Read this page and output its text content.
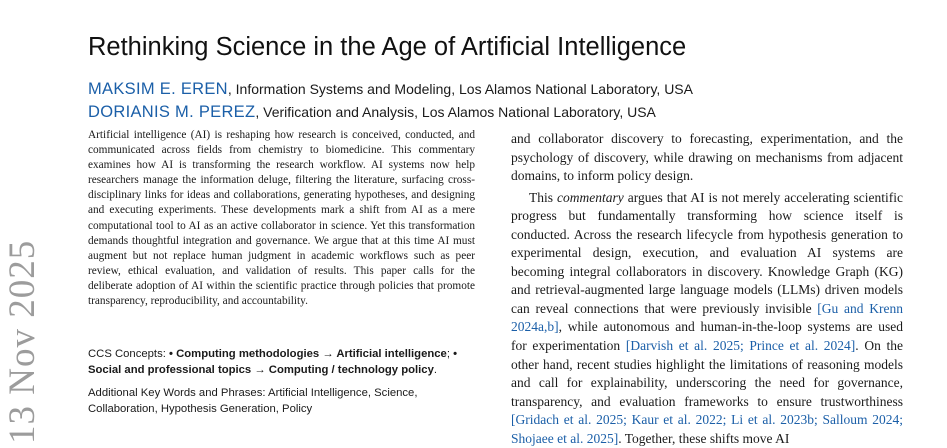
13 Nov 2025
Rethinking Science in the Age of Artificial Intelligence
MAKSIM E. EREN, Information Systems and Modeling, Los Alamos National Laboratory, USA
DORIANIS M. PEREZ, Verification and Analysis, Los Alamos National Laboratory, USA

Artificial intelligence (AI) is reshaping how research is conceived, conducted, and communicated across fields from chemistry to biomedicine. This commentary examines how AI is transforming the research workflow. AI systems now help researchers manage the information deluge, filtering the literature, surfacing cross-disciplinary links for ideas and collaborations, generating hypotheses, and designing and executing experiments. These developments mark a shift from AI as a mere computational tool to AI as an active collaborator in science. Yet this transformation demands thoughtful integration and governance. We argue that at this time AI must augment but not replace human judgment in academic workflows such as peer review, ethical evaluation, and validation of results. This paper calls for the deliberate adoption of AI within the scientific practice through policies that promote transparency, reproducibility, and accountability.

CCS Concepts: • Computing methodologies → Artificial intelligence; • Social and professional topics → Computing / technology policy.

Additional Key Words and Phrases: Artificial Intelligence, Science, Collaboration, Hypothesis Generation, Policy

and collaborator discovery to forecasting, experimentation, and the psychology of discovery, while drawing on mechanisms from adjacent domains, to inform policy design.

This commentary argues that AI is not merely accelerating scientific progress but fundamentally transforming how science itself is conducted. Across the research lifecycle from hypothesis generation to experimental design, execution, and evaluation AI systems are becoming integral collaborators in discovery. Knowledge Graph (KG) and retrieval-augmented large language models (LLMs) driven models can reveal connections that were previously invisible [Gu and Krenn 2024a,b], while autonomous and human-in-the-loop systems are used for experimentation [Darvish et al. 2025; Prince et al. 2024]. On the other hand, recent studies highlight the limitations of reasoning models and call for explainability, underscoring the need for governance, transparency, and evaluation frameworks to ensure trustworthiness [Gridach et al. 2025; Kaur et al. 2022; Li et al. 2023b; Salloum 2024; Shojaee et al. 2025]. Together, these shifts move AI
